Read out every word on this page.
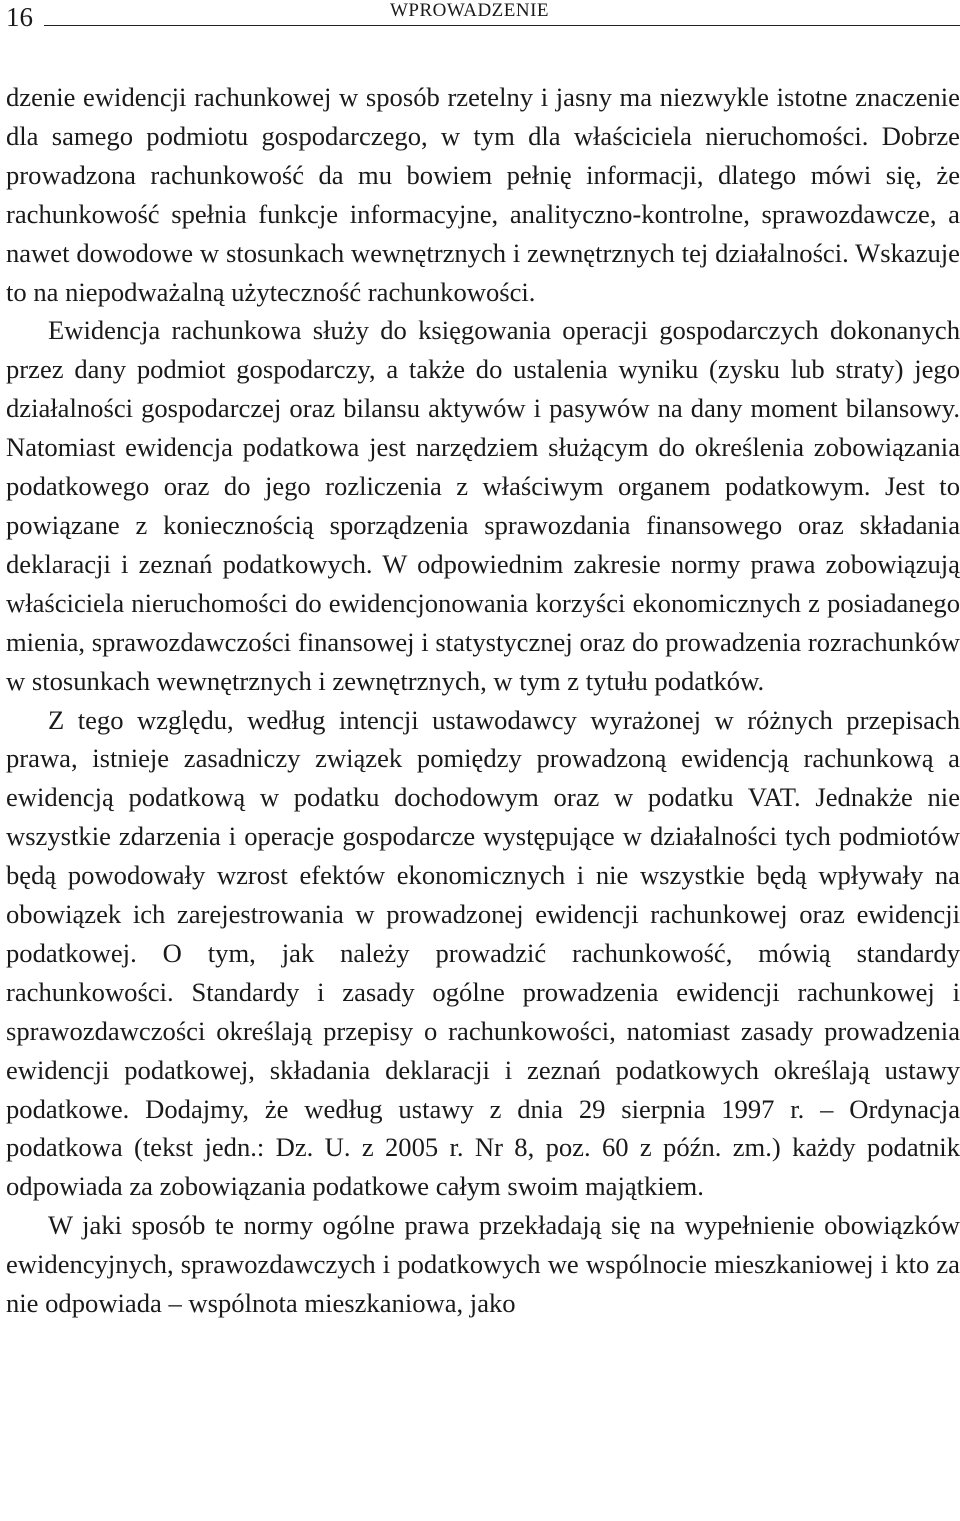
16	WPROWADZENIE

dzenie ewidencji rachunkowej w sposób rzetelny i jasny ma niezwykle istotne znaczenie dla samego podmiotu gospodarczego, w tym dla właściciela nieruchomości. Dobrze prowadzona rachunkowość da mu bowiem pełnię informacji, dlatego mówi się, że rachunkowość spełnia funkcje informacyjne, analityczno-kontrolne, sprawozdawcze, a nawet dowodowe w stosunkach wewnętrznych i zewnętrznych tej działalności. Wskazuje to na niepodważalną użyteczność rachunkowości.

Ewidencja rachunkowa służy do księgowania operacji gospodarczych dokonanych przez dany podmiot gospodarczy, a także do ustalenia wyniku (zysku lub straty) jego działalności gospodarczej oraz bilansu aktywów i pasywów na dany moment bilansowy. Natomiast ewidencja podatkowa jest narzędziem służącym do określenia zobowiązania podatkowego oraz do jego rozliczenia z właściwym organem podatkowym. Jest to powiązane z koniecznością sporządzenia sprawozdania finansowego oraz składania deklaracji i zeznań podatkowych. W odpowiednim zakresie normy prawa zobowiązują właściciela nieruchomości do ewidencjonowania korzyści ekonomicznych z posiadanego mienia, sprawozdawczości finansowej i statystycznej oraz do prowadzenia rozrachunków w stosunkach wewnętrznych i zewnętrznych, w tym z tytułu podatków.

Z tego względu, według intencji ustawodawcy wyrażonej w różnych przepisach prawa, istnieje zasadniczy związek pomiędzy prowadzoną ewidencją rachunkową a ewidencją podatkową w podatku dochodowym oraz w podatku VAT. Jednakże nie wszystkie zdarzenia i operacje gospodarcze występujące w działalności tych podmiotów będą powodowały wzrost efektów ekonomicznych i nie wszystkie będą wpływały na obowiązek ich zarejestrowania w prowadzonej ewidencji rachunkowej oraz ewidencji podatkowej. O tym, jak należy prowadzić rachunkowość, mówią standardy rachunkowości. Standardy i zasady ogólne prowadzenia ewidencji rachunkowej i sprawozdawczości określają przepisy o rachunkowości, natomiast zasady prowadzenia ewidencji podatkowej, składania deklaracji i zeznań podatkowych określają ustawy podatkowe. Dodajmy, że według ustawy z dnia 29 sierpnia 1997 r. – Ordynacja podatkowa (tekst jedn.: Dz. U. z 2005 r. Nr 8, poz. 60 z późn. zm.) każdy podatnik odpowiada za zobowiązania podatkowe całym swoim majątkiem.

W jaki sposób te normy ogólne prawa przekładają się na wypełnienie obowiązków ewidencyjnych, sprawozdawczych i podatkowych we wspólnocie mieszkaniowej i kto za nie odpowiada – wspólnota mieszkaniowa, jako
